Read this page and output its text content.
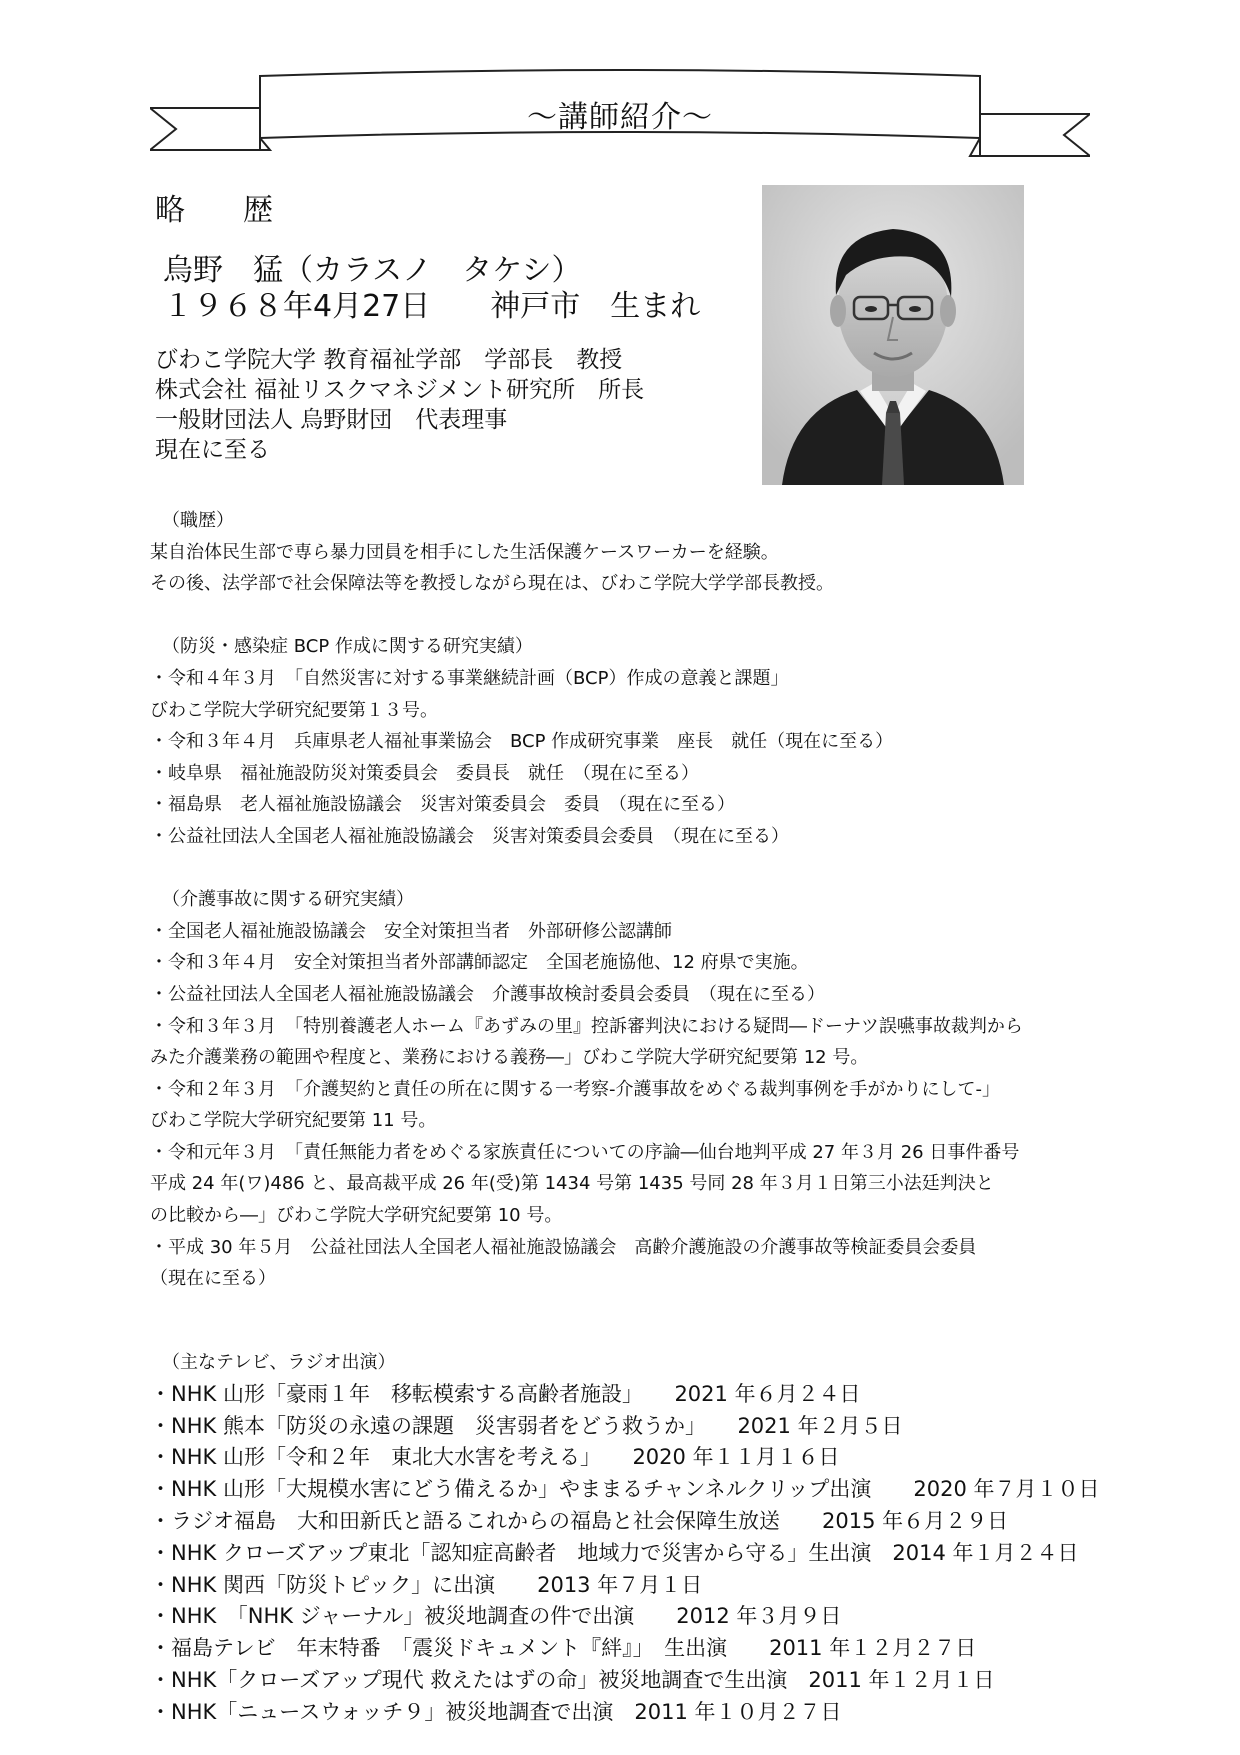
〜講師紹介〜
略歴
烏野　猛（カラスノ　タケシ）
１９６８年4月27日　　神戸市　生まれ
びわこ学院大学 教育福祉学部　学部長　教授
株式会社 福祉リスクマネジメント研究所　所長
一般財団法人 烏野財団　代表理事
現在に至る
（職歴）
某自治体民生部で専ら暴力団員を相手にした生活保護ケースワーカーを経験。
その後、法学部で社会保障法等を教授しながら現在は、びわこ学院大学学部長教授。
（防災・感染症 BCP 作成に関する研究実績）
・令和４年３月　「自然災害に対する事業継続計画（BCP）作成の意義と課題」
びわこ学院大学研究紀要第１３号。
・令和３年４月　兵庫県老人福祉事業協会　BCP 作成研究事業　座長　就任（現在に至る）
・岐阜県　福祉施設防災対策委員会　委員長　就任　（現在に至る）
・福島県　老人福祉施設協議会　災害対策委員会　委員　（現在に至る）
・公益社団法人全国老人福祉施設協議会　災害対策委員会委員　（現在に至る）
（介護事故に関する研究実績）
・全国老人福祉施設協議会　安全対策担当者　外部研修公認講師
・令和３年４月　安全対策担当者外部講師認定　全国老施協他、12 府県で実施。
・公益社団法人全国老人福祉施設協議会　介護事故検討委員会委員　（現在に至る）
・令和３年３月　「特別養護老人ホーム『あずみの里』控訴審判決における疑問―ドーナツ誤嚥事故裁判から
みた介護業務の範囲や程度と、業務における義務―」びわこ学院大学研究紀要第 12 号。
・令和２年３月　「介護契約と責任の所在に関する一考察-介護事故をめぐる裁判事例を手がかりにして-」
びわこ学院大学研究紀要第 11 号。
・令和元年３月　「責任無能力者をめぐる家族責任についての序論―仙台地判平成 27 年３月 26 日事件番号
平成 24 年(ワ)486 と、最高裁平成 26 年(受)第 1434 号第 1435 号同 28 年３月１日第三小法廷判決と
の比較から―」びわこ学院大学研究紀要第 10 号。
・平成 30 年５月　公益社団法人全国老人福祉施設協議会　高齢介護施設の介護事故等検証委員会委員
（現在に至る）
（主なテレビ、ラジオ出演）
・NHK 山形「豪雨１年　移転模索する高齢者施設」　　2021 年６月２４日
・NHK 熊本「防災の永遠の課題　災害弱者をどう救うか」　　2021 年２月５日
・NHK 山形「令和２年　東北大水害を考える」　　2020 年１１月１６日
・NHK 山形「大規模水害にどう備えるか」やままるチャンネルクリップ出演　　2020 年７月１０日
・ラジオ福島　大和田新氏と語るこれからの福島と社会保障生放送　　2015 年６月２９日
・NHK クローズアップ東北「認知症高齢者　地域力で災害から守る」生出演　2014 年１月２４日
・NHK 関西「防災トピック」に出演　　2013 年７月１日
・NHK　「NHK ジャーナル」被災地調査の件で出演　　2012 年３月９日
・福島テレビ　年末特番　「震災ドキュメント『絆』」　生出演　　2011 年１２月２７日
・NHK「クローズアップ現代 救えたはずの命」被災地調査で生出演　2011 年１２月１日
・NHK「ニュースウォッチ９」被災地調査で出演　2011 年１０月２７日
